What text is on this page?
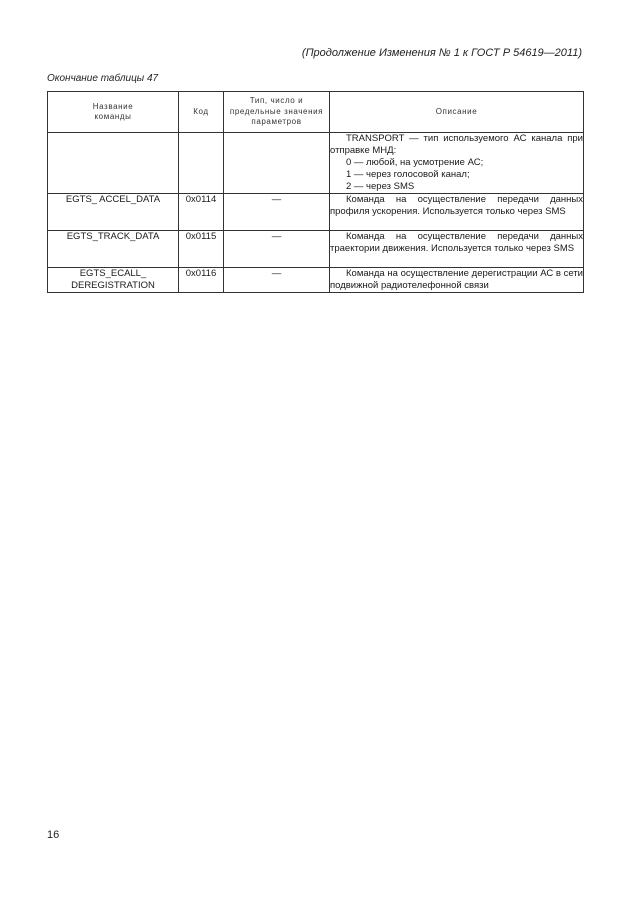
(Продолжение Изменения № 1 к ГОСТ Р 54619—2011)
Окончание таблицы 47
Название команды	Код	Тип, число и предельные значения параметров	Описание

			TRANSPORT — тип используемого АС канала при отправке МНД:
0 — любой, на усмотрение АС;
1 — через голосовой канал;
2 — через SMS

EGTS_ ACCEL_DATA	0x0114	—	Команда на осуществление передачи данных профиля ускорения. Используется только через SMS
EGTS_TRACK_DATA	0x0115	—	Команда на осуществление передачи данных траектории движения. Используется только через SMS

EGTS_ECALL_
DEREGISTRATION	0x0116	—	Команда на осуществление дерегистрации АС в сети подвижной радиотелефонной связи
16
